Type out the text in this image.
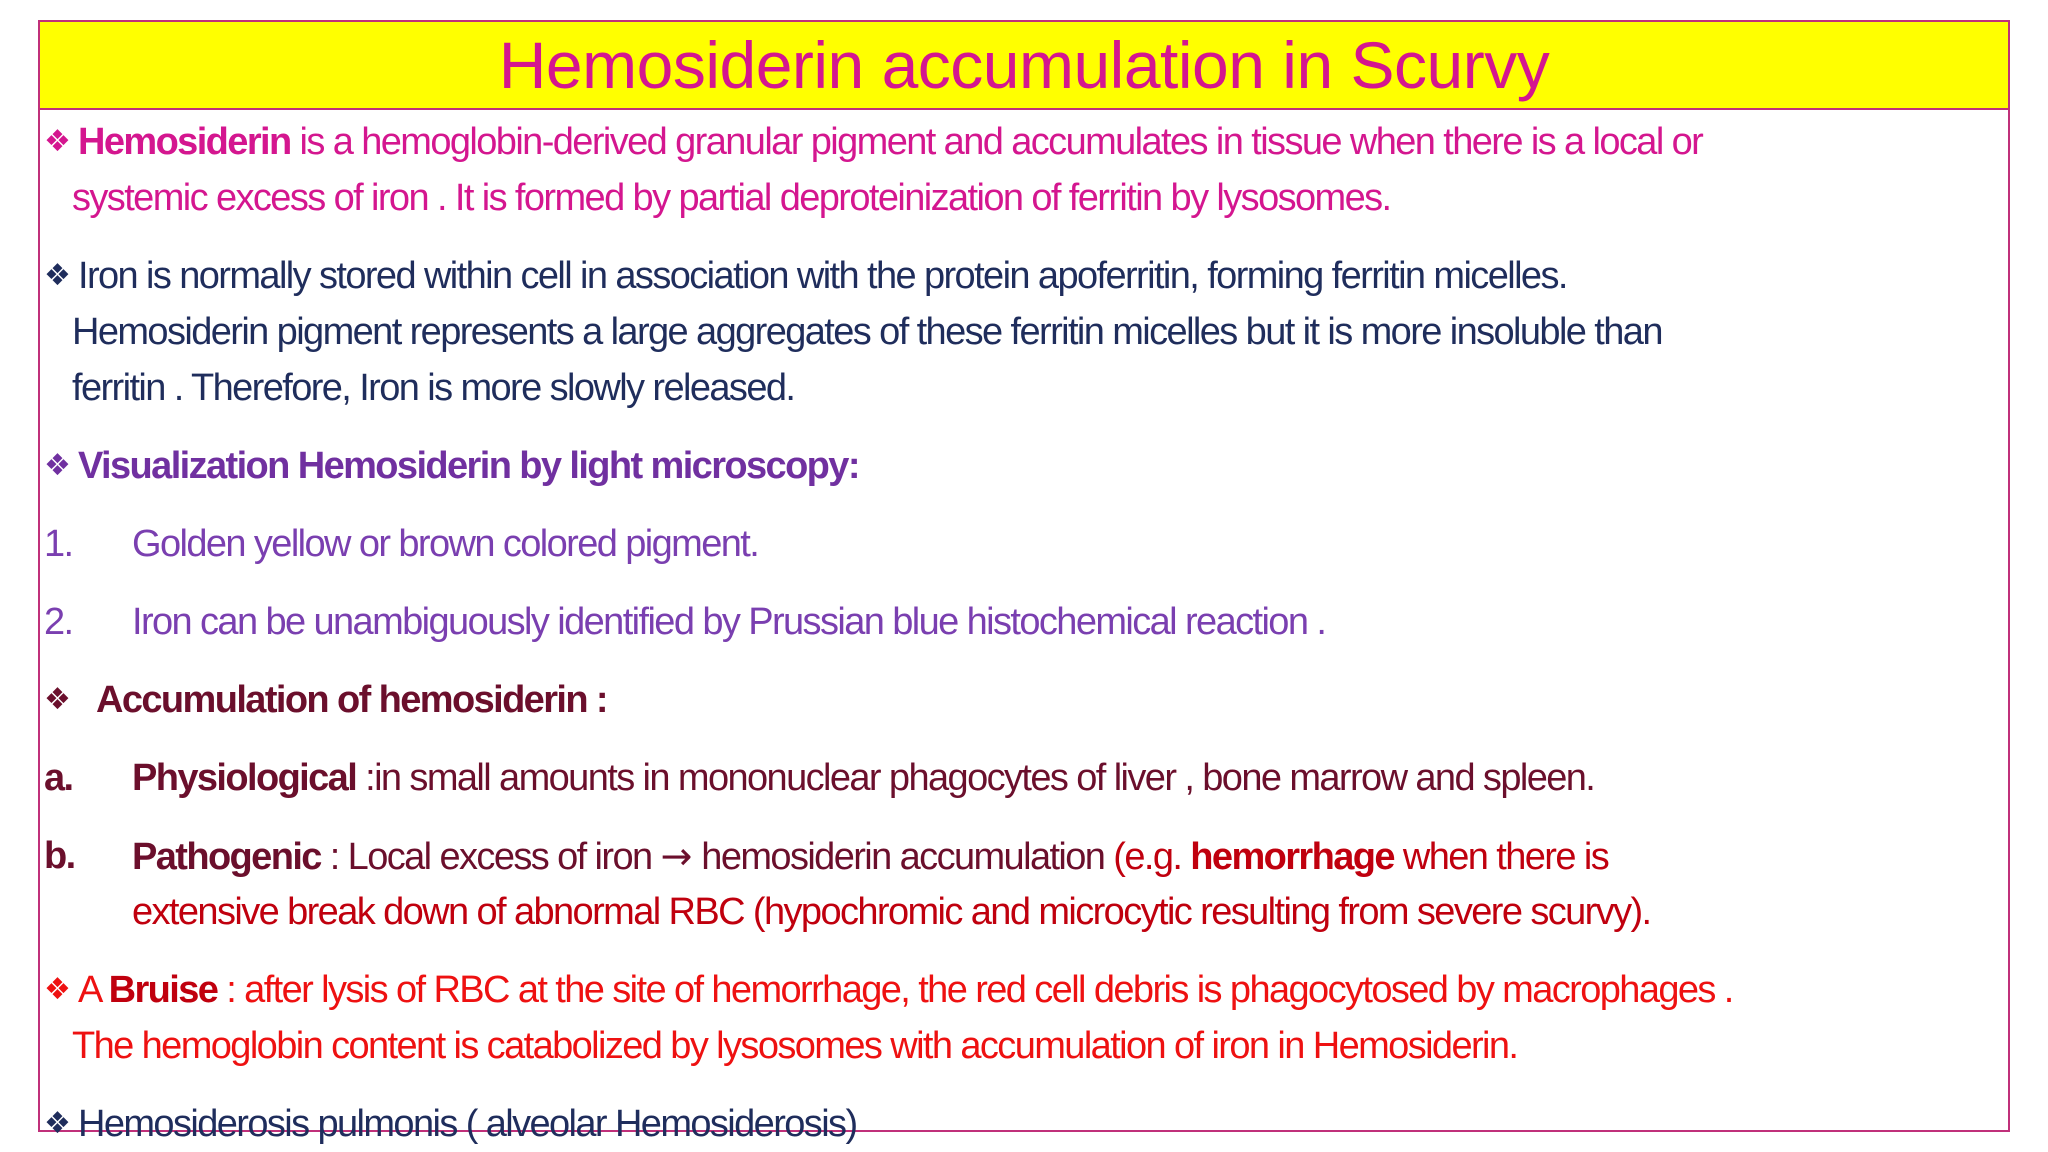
Hemosiderin accumulation in Scurvy
❖ Hemosiderin is a hemoglobin-derived granular pigment and accumulates in tissue when there is a local or
systemic excess of iron . It is formed by partial deproteinization of ferritin by lysosomes.
❖ Iron is normally stored within cell in association with the protein apoferritin, forming ferritin micelles.
Hemosiderin pigment represents a large aggregates of these ferritin micelles but it is more insoluble than
ferritin . Therefore, Iron is more slowly released.
❖ Visualization Hemosiderin by light microscopy:
1. Golden yellow or brown colored pigment.
2. Iron can be unambiguously identified by Prussian blue histochemical reaction .
❖ Accumulation of hemosiderin :
a. Physiological :in small amounts in mononuclear phagocytes of liver , bone marrow and spleen.
b. Pathogenic : Local excess of iron → hemosiderin accumulation (e.g. hemorrhage when there is
extensive break down of abnormal RBC (hypochromic and microcytic resulting from severe scurvy).
❖ A Bruise : after lysis of RBC at the site of hemorrhage, the red cell debris is phagocytosed by macrophages .
The hemoglobin content is catabolized by lysosomes with accumulation of iron in Hemosiderin.
❖ Hemosiderosis pulmonis ( alveolar Hemosiderosis)
